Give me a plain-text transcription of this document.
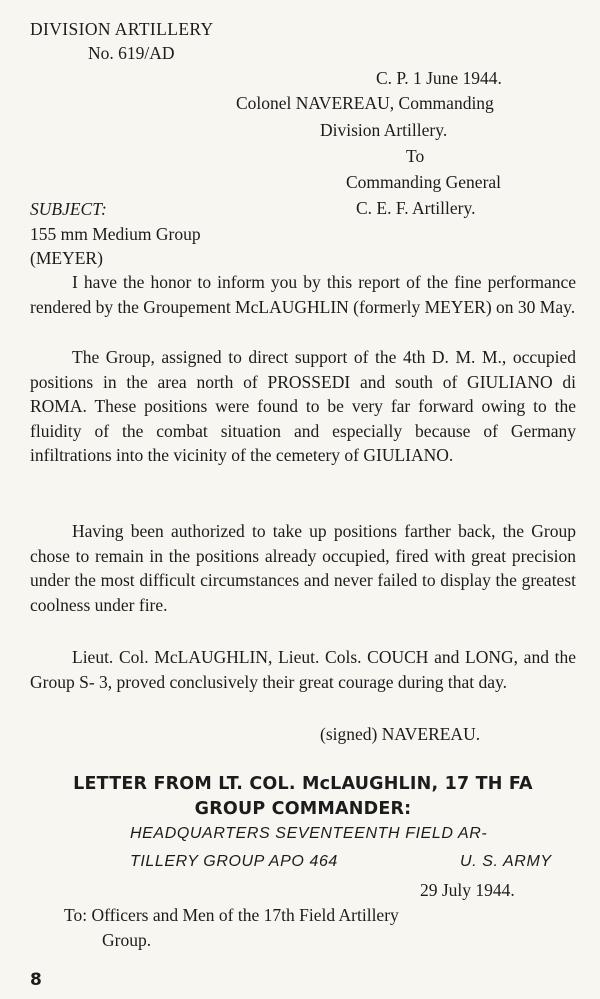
DIVISION ARTILLERY
No. 619/AD
C. P. 1 June 1944.
Colonel NAVEREAU, Commanding
Division Artillery.
To
Commanding General
C. E. F. Artillery.
SUBJECT:
155 mm Medium Group
(MEYER)
I have the honor to inform you by this report of the fine performance rendered by the Groupement McLAUGHLIN (formerly MEYER) on 30 May.
The Group, assigned to direct support of the 4th D. M. M., occupied positions in the area north of PROSSEDI and south of GIULIANO di ROMA. These positions were found to be very far forward owing to the fluidity of the combat situation and especially because of Germany infiltrations into the vicinity of the cemetery of GIULIANO.
Having been authorized to take up positions farther back, the Group chose to remain in the positions already occupied, fired with great precision under the most difficult circumstances and never failed to display the greatest coolness under fire.
Lieut. Col. McLAUGHLIN, Lieut. Cols. COUCH and LONG, and the Group S- 3, proved conclusively their great courage during that day.
(signed) NAVEREAU.
LETTER FROM LT. COL. McLAUGHLIN, 17 TH FA
GROUP COMMANDER:
HEADQUARTERS SEVENTEENTH FIELD AR-
TILLERY GROUP APO 464	U. S. ARMY
29 July 1944.
To: Officers and Men of the 17th Field Artillery
Group.
8
